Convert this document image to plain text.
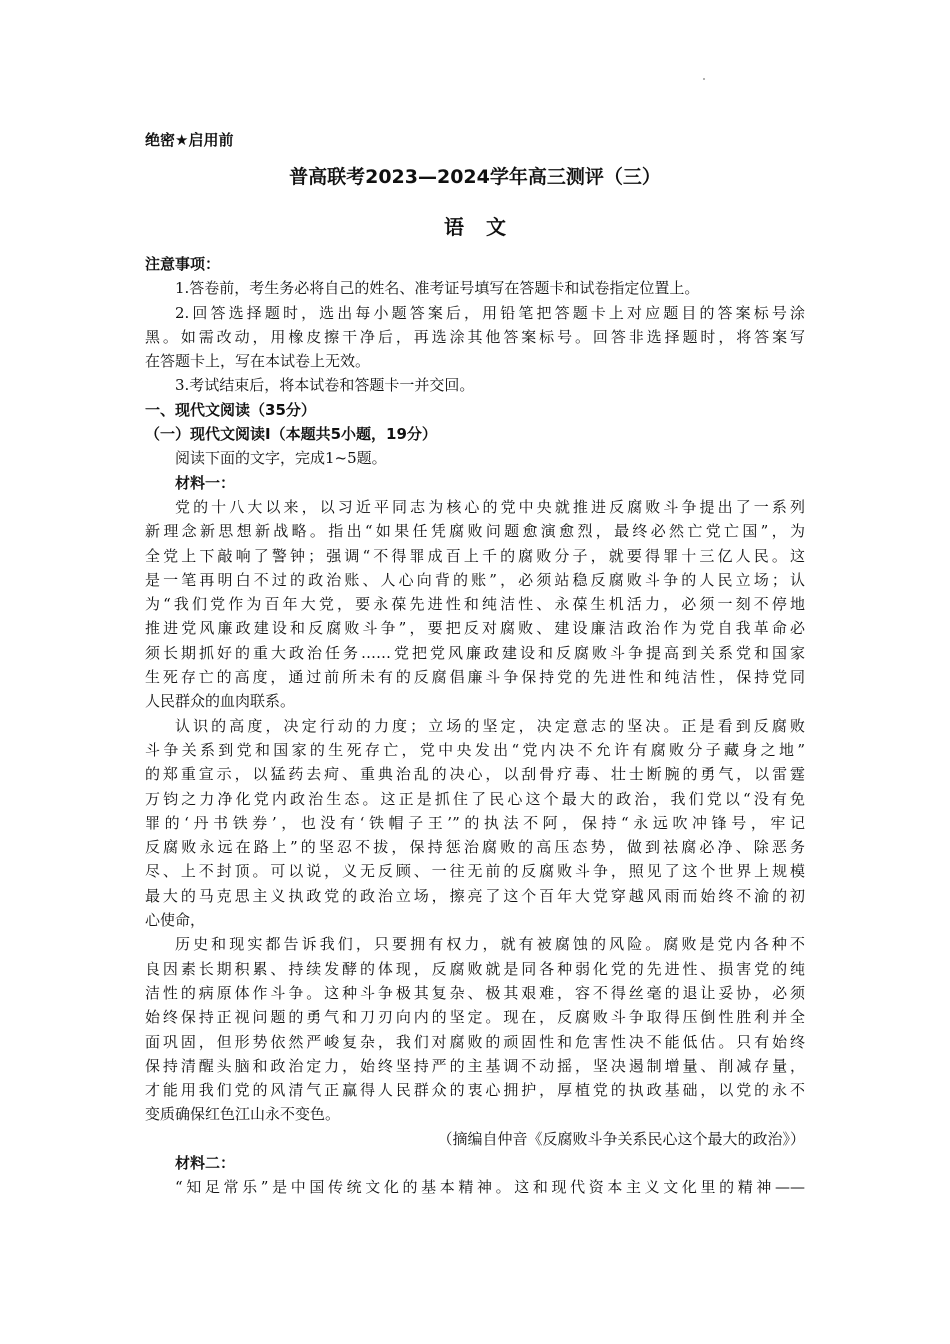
绝密★启用前
普高联考2023—2024学年高三测评（三）
语文
注意事项：
1.答卷前，考生务必将自己的姓名、准考证号填写在答题卡和试卷指定位置上。
2.回答选择题时，选出每小题答案后，用铅笔把答题卡上对应题目的答案标号涂
黑。如需改动，用橡皮擦干净后，再选涂其他答案标号。回答非选择题时，将答案写
在答题卡上，写在本试卷上无效。
3.考试结束后，将本试卷和答题卡一并交回。
一、现代文阅读（35分）
（一）现代文阅读Ⅰ（本题共5小题，19分）
阅读下面的文字，完成1~5题。
材料一：
党的十八大以来，以习近平同志为核心的党中央就推进反腐败斗争提出了一系列
新理念新思想新战略。指出“如果任凭腐败问题愈演愈烈，最终必然亡党亡国”，为
全党上下敲响了警钟；强调“不得罪成百上千的腐败分子，就要得罪十三亿人民。这
是一笔再明白不过的政治账、人心向背的账”，必须站稳反腐败斗争的人民立场；认
为“我们党作为百年大党，要永葆先进性和纯洁性、永葆生机活力，必须一刻不停地
推进党风廉政建设和反腐败斗争”，要把反对腐败、建设廉洁政治作为党自我革命必
须长期抓好的重大政治任务……党把党风廉政建设和反腐败斗争提高到关系党和国家
生死存亡的高度，通过前所未有的反腐倡廉斗争保持党的先进性和纯洁性，保持党同
人民群众的血肉联系。
认识的高度，决定行动的力度；立场的坚定，决定意志的坚决。正是看到反腐败
斗争关系到党和国家的生死存亡，党中央发出“党内决不允许有腐败分子藏身之地”
的郑重宣示，以猛药去疴、重典治乱的决心，以刮骨疗毒、壮士断腕的勇气，以雷霆
万钧之力净化党内政治生态。这正是抓住了民心这个最大的政治，我们党以“没有免
罪的‘丹书铁券’，也没有‘铁帽子王’”的执法不阿，保持“永远吹冲锋号，牢记
反腐败永远在路上”的坚忍不拔，保持惩治腐败的高压态势，做到祛腐必净、除恶务
尽、上不封顶。可以说，义无反顾、一往无前的反腐败斗争，照见了这个世界上规模
最大的马克思主义执政党的政治立场，擦亮了这个百年大党穿越风雨而始终不渝的初
心使命，
历史和现实都告诉我们，只要拥有权力，就有被腐蚀的风险。腐败是党内各种不
良因素长期积累、持续发酵的体现，反腐败就是同各种弱化党的先进性、损害党的纯
洁性的病原体作斗争。这种斗争极其复杂、极其艰难，容不得丝毫的退让妥协，必须
始终保持正视问题的勇气和刀刃向内的坚定。现在，反腐败斗争取得压倒性胜利并全
面巩固，但形势依然严峻复杂，我们对腐败的顽固性和危害性决不能低估。只有始终
保持清醒头脑和政治定力，始终坚持严的主基调不动摇，坚决遏制增量、削减存量，
才能用我们党的风清气正赢得人民群众的衷心拥护，厚植党的执政基础，以党的永不
变质确保红色江山永不变色。
（摘编自仲音《反腐败斗争关系民心这个最大的政治》）
材料二：
“知足常乐”是中国传统文化的基本精神。这和现代资本主义文化里的精神——
